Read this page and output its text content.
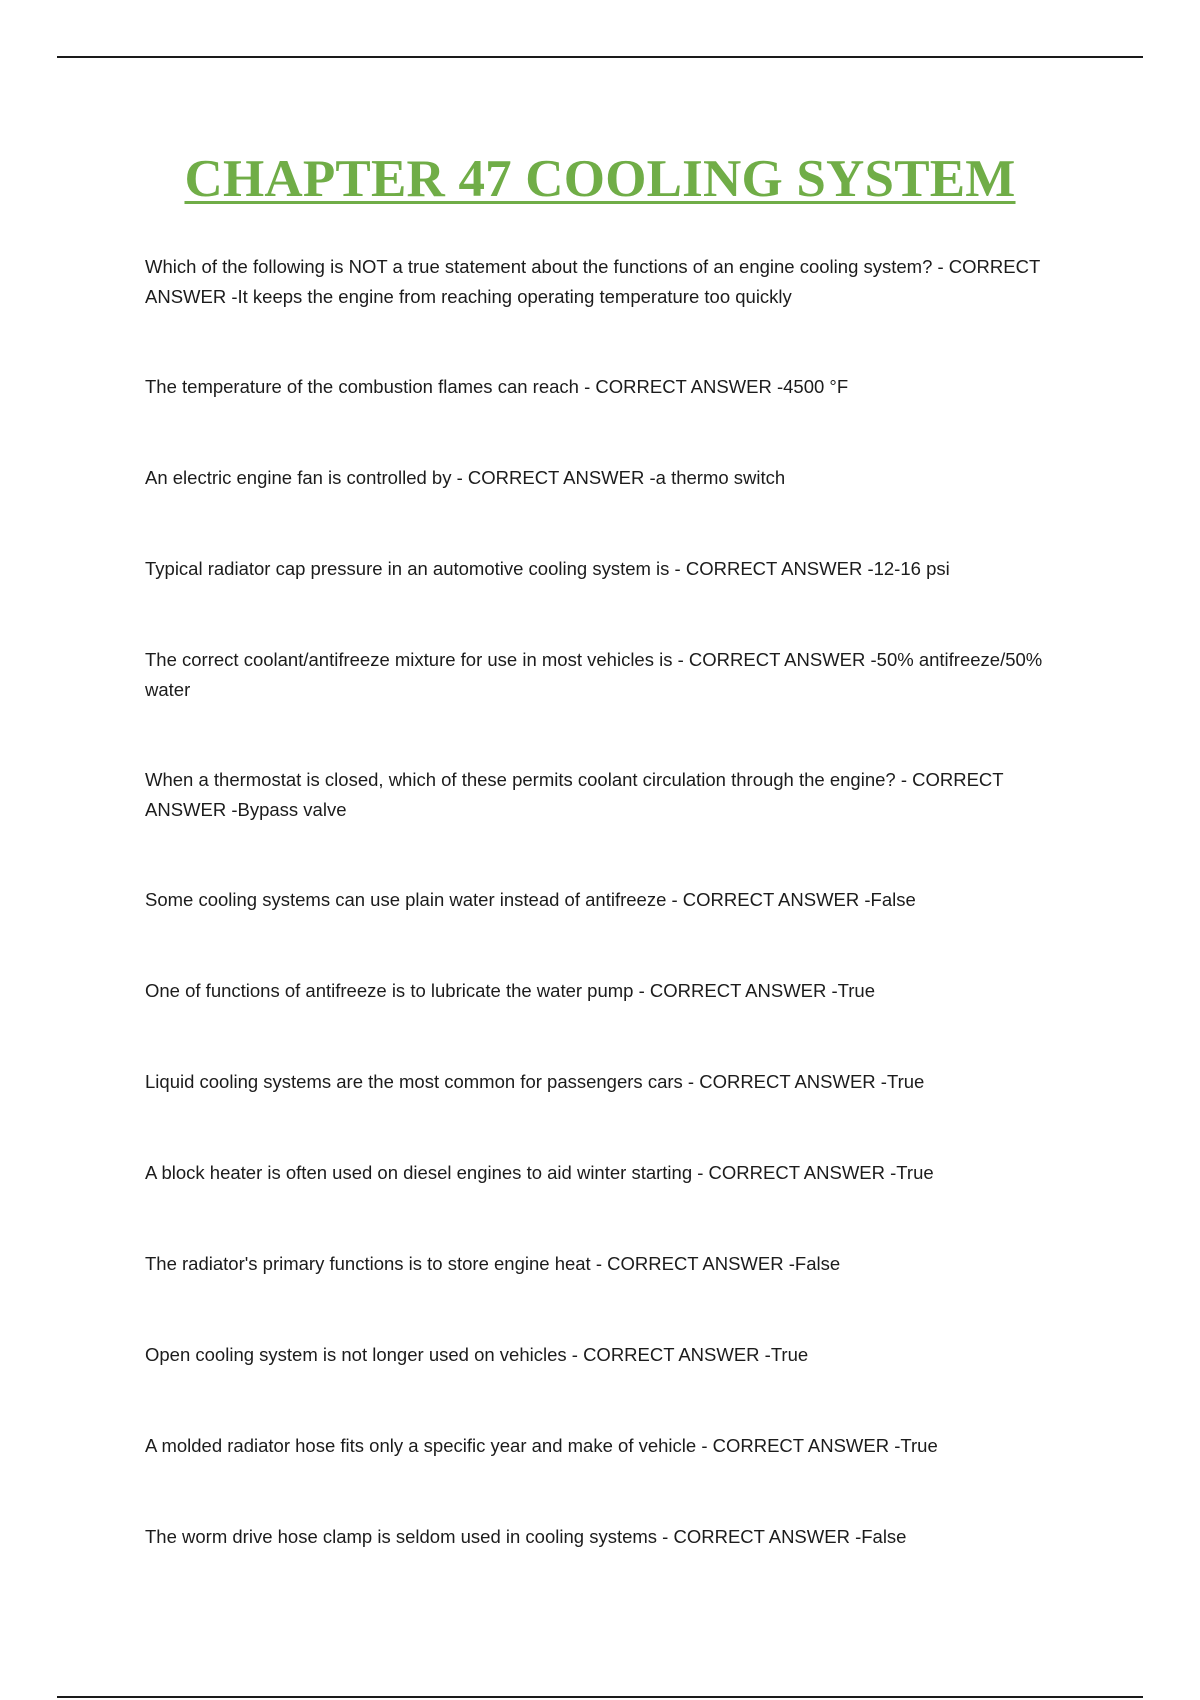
CHAPTER 47 COOLING SYSTEM

Which of the following is NOT a true statement about the functions of an engine cooling system? - CORRECT ANSWER -It keeps the engine from reaching operating temperature too quickly

The temperature of the combustion flames can reach - CORRECT ANSWER -4500 °F

An electric engine fan is controlled by - CORRECT ANSWER -a thermo switch

Typical radiator cap pressure in an automotive cooling system is - CORRECT ANSWER -12-16 psi

The correct coolant/antifreeze mixture for use in most vehicles is - CORRECT ANSWER -50% antifreeze/50% water

When a thermostat is closed, which of these permits coolant circulation through the engine? - CORRECT ANSWER -Bypass valve

Some cooling systems can use plain water instead of antifreeze - CORRECT ANSWER -False

One of functions of antifreeze is to lubricate the water pump - CORRECT ANSWER -True

Liquid cooling systems are the most common for passengers cars - CORRECT ANSWER -True

A block heater is often used on diesel engines to aid winter starting - CORRECT ANSWER -True

The radiator's primary functions is to store engine heat - CORRECT ANSWER -False

Open cooling system is not longer used on vehicles - CORRECT ANSWER -True

A molded radiator hose fits only a specific year and make of vehicle - CORRECT ANSWER -True

The worm drive hose clamp is seldom used in cooling systems - CORRECT ANSWER -False
